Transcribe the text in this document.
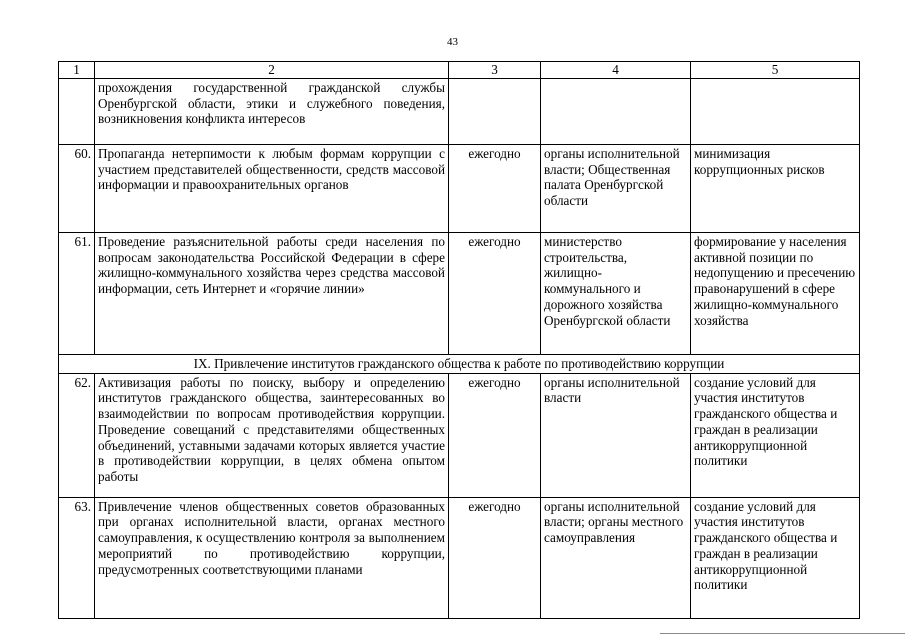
43
1	2	3	4	5
	прохождения государственной гражданской службы Оренбургской области, этики и служебного поведения, возникновения конфликта интересов			
60.	Пропаганда нетерпимости к любым формам коррупции с участием представителей общественности, средств массовой информации и правоохранительных органов	ежегодно	органы исполнительной власти; Общественная палата Оренбургской области	минимизация коррупционных рисков
61.	Проведение разъяснительной работы среди населения по вопросам законодательства Российской Федерации в сфере жилищно-коммунального хозяйства через средства массовой информации, сеть Интернет и «горячие линии»	ежегодно	министерство строительства, жилищно-коммунального и дорожного хозяйства Оренбургской области	формирование у населения активной позиции по недопущению и пресечению правонарушений в сфере жилищно-коммунального хозяйства
IX. Привлечение институтов гражданского общества к работе по противодействию коррупции				
62.	Активизация работы по поиску, выбору и определению институтов гражданского общества, заинтересованных во взаимодействии по вопросам противодействия коррупции. Проведение совещаний с представителями общественных объединений, уставными задачами которых является участие в противодействии коррупции, в целях обмена опытом работы	ежегодно	органы исполнительной власти	создание условий для участия институтов гражданского общества и граждан в реализации антикоррупционной политики
63.	Привлечение членов общественных советов образованных при органах исполнительной власти, органах местного самоуправления, к осуществлению контроля за выполнением мероприятий по противодействию коррупции, предусмотренных соответствующими планами	ежегодно	органы исполнительной власти; органы местного самоуправления	создание условий для участия институтов гражданского общества и граждан в реализации антикоррупционной политики
